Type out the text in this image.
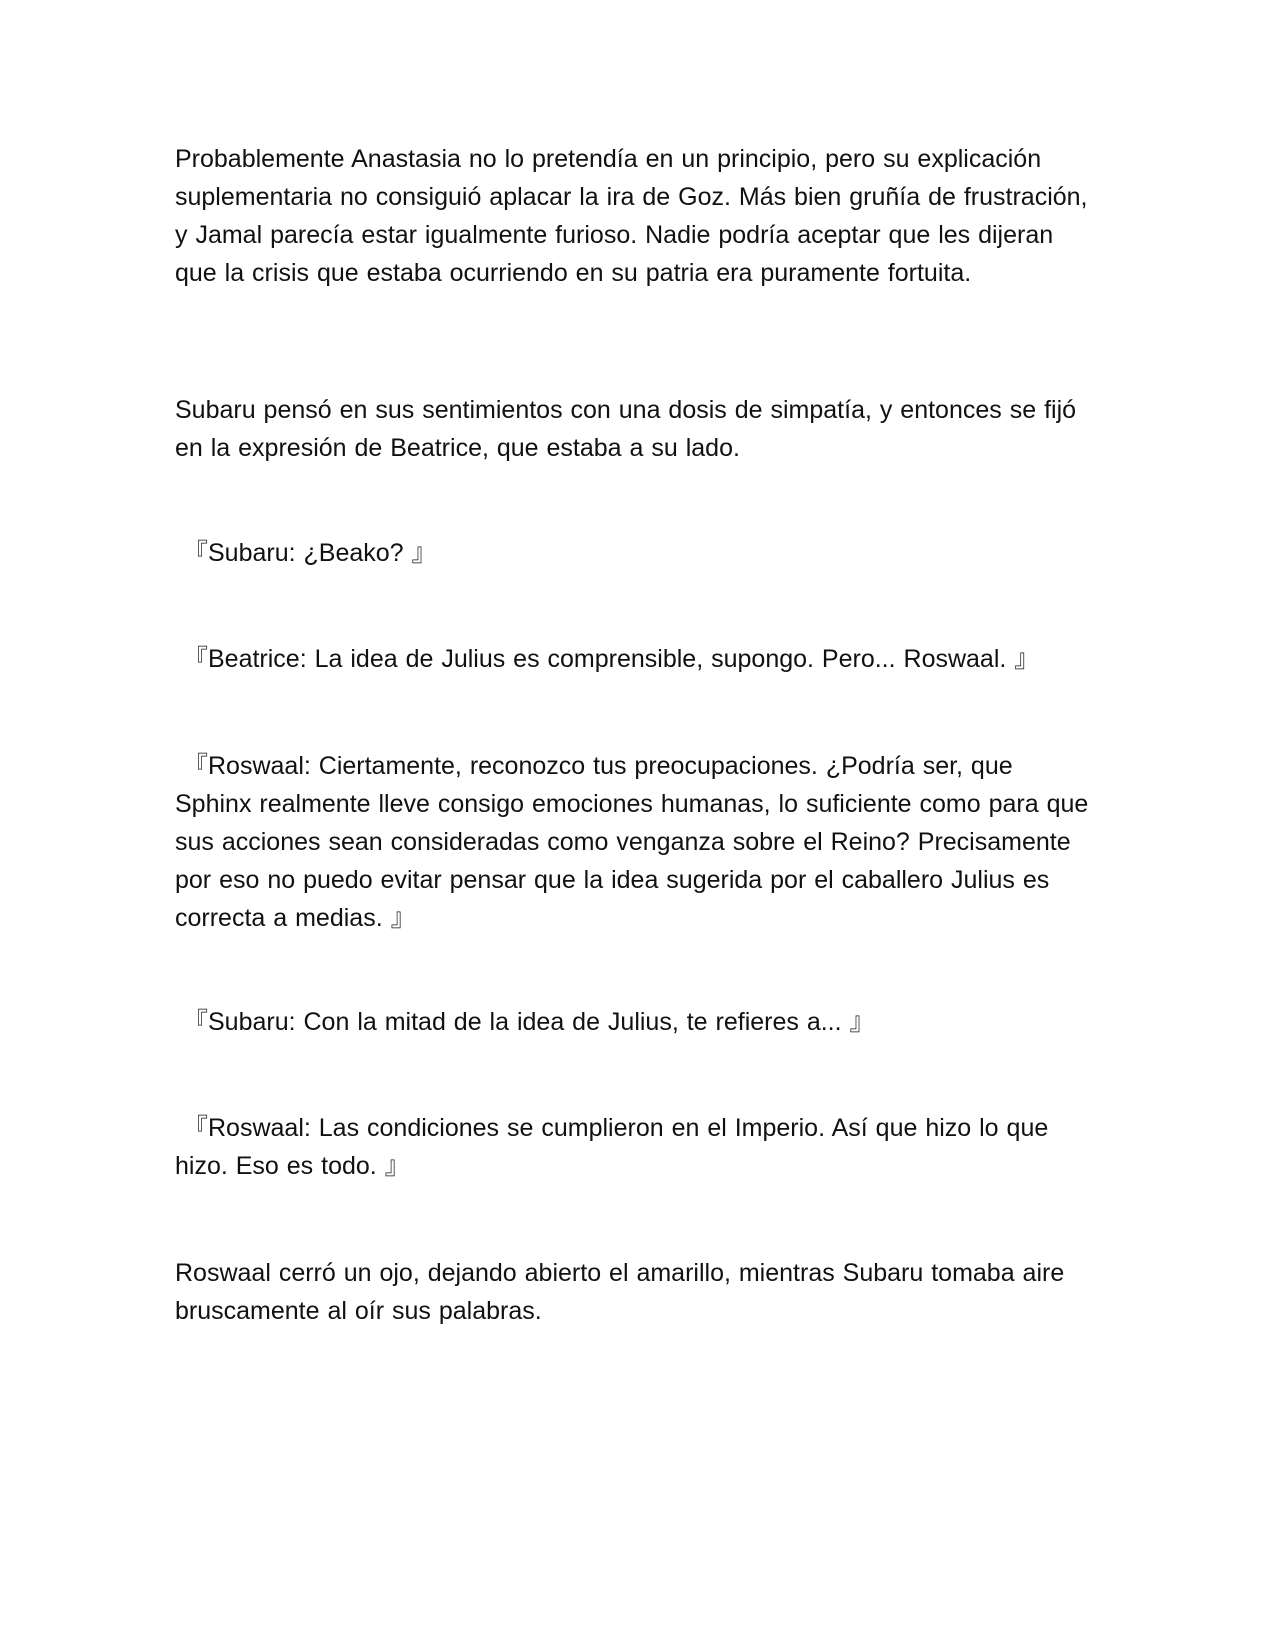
Probablemente Anastasia no lo pretendía en un principio, pero su explicación suplementaria no consiguió aplacar la ira de Goz. Más bien gruñía de frustración, y Jamal parecía estar igualmente furioso. Nadie podría aceptar que les dijeran que la crisis que estaba ocurriendo en su patria era puramente fortuita.

Subaru pensó en sus sentimientos con una dosis de simpatía, y entonces se fijó en la expresión de Beatrice, que estaba a su lado.

『Subaru: ¿Beako? 』

『Beatrice: La idea de Julius es comprensible, supongo. Pero... Roswaal. 』

『Roswaal: Ciertamente, reconozco tus preocupaciones. ¿Podría ser, que Sphinx realmente lleve consigo emociones humanas, lo suficiente como para que sus acciones sean consideradas como venganza sobre el Reino? Precisamente por eso no puedo evitar pensar que la idea sugerida por el caballero Julius es correcta a medias. 』

『Subaru: Con la mitad de la idea de Julius, te refieres a... 』

『Roswaal: Las condiciones se cumplieron en el Imperio. Así que hizo lo que hizo. Eso es todo. 』

Roswaal cerró un ojo, dejando abierto el amarillo, mientras Subaru tomaba aire bruscamente al oír sus palabras.
